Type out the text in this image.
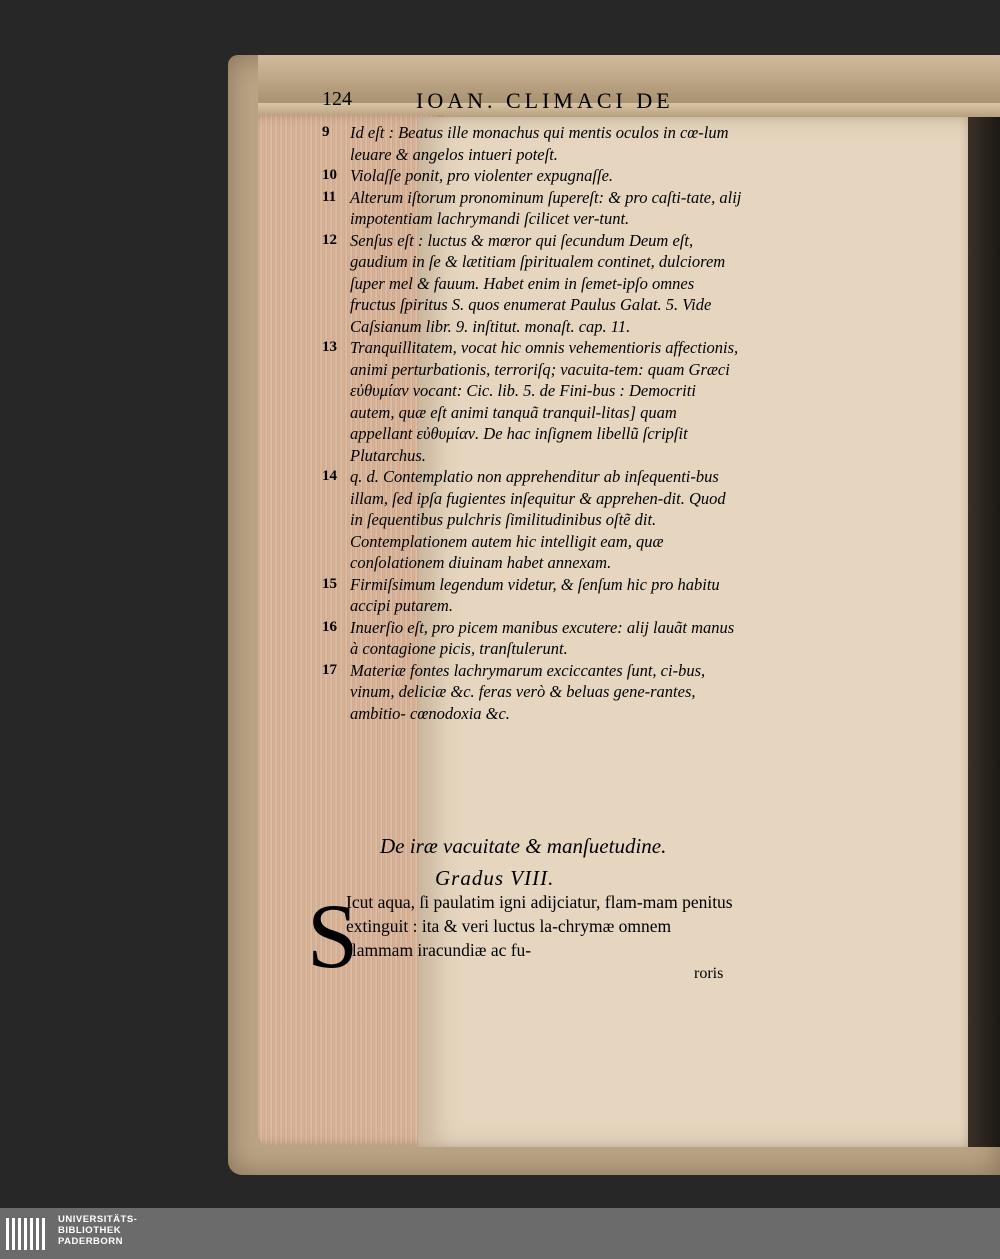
124	IOAN. CLIMACI DE

9 Id eſt : Beatus ille monachus qui mentis oculos in cœ-lum leuare & angelos intueri poteſt.

10 Violaſſe ponit, pro violenter expugnaſſe.

11 Alterum iſtorum pronominum ſupereſt: & pro caſti-tate, alij impotentiam lachrymandi ſcilicet ver-tunt.

12 Senſus eſt : luctus & mœror qui ſecundum Deum eſt, gaudium in ſe & lætitiam ſpiritualem continet, dulciorem ſuper mel & fauum. Habet enim in ſemet-ipſo omnes fructus ſpiritus S. quos enumerat Paulus Galat. 5. Vide Caſsianum libr. 9. inſtitut. monaſt. cap. 11.

13 Tranquillitatem, vocat hic omnis vehementioris affectionis, animi perturbationis, terroriſq; vacuita-tem: quam Græci εὐθυμίαν vocant: Cic. lib. 5. de Fini-bus : Democriti autem, quæ eſt animi tanquã tranquil-litas] quam appellant εὐθυμίαν. De hac inſignem libellũ ſcripſit Plutarchus.

14 q. d. Contemplatio non apprehenditur ab inſequenti-bus illam, ſed ipſa fugientes inſequitur & apprehen-dit. Quod in ſequentibus pulchris ſimilitudinibus oſtẽ dit. Contemplationem autem hic intelligit eam, quæ conſolationem diuinam habet annexam.

15 Firmiſsimum legendum videtur, & ſenſum hic pro habitu accipi putarem.

16 Inuerſio eſt, pro picem manibus excutere: alij lauãt manus à contagione picis, tranſtulerunt.

17 Materiæ fontes lachrymarum exciccantes ſunt, ci-bus, vinum, deliciæ &c. feras verò & beluas gene-rantes, ambitio- cœnodoxia &c.

De iræ vacuitate & manſuetudine.
Gradus VIII.
S
Icut aqua, ſi paulatim igni adijciatur, flam-mam penitus extinguit : ita & veri luctus la-chrymæ omnem flammam iracundiæ ac fu-
roris
UNIVERSITÄTS-
BIBLIOTHEK
PADERBORN
